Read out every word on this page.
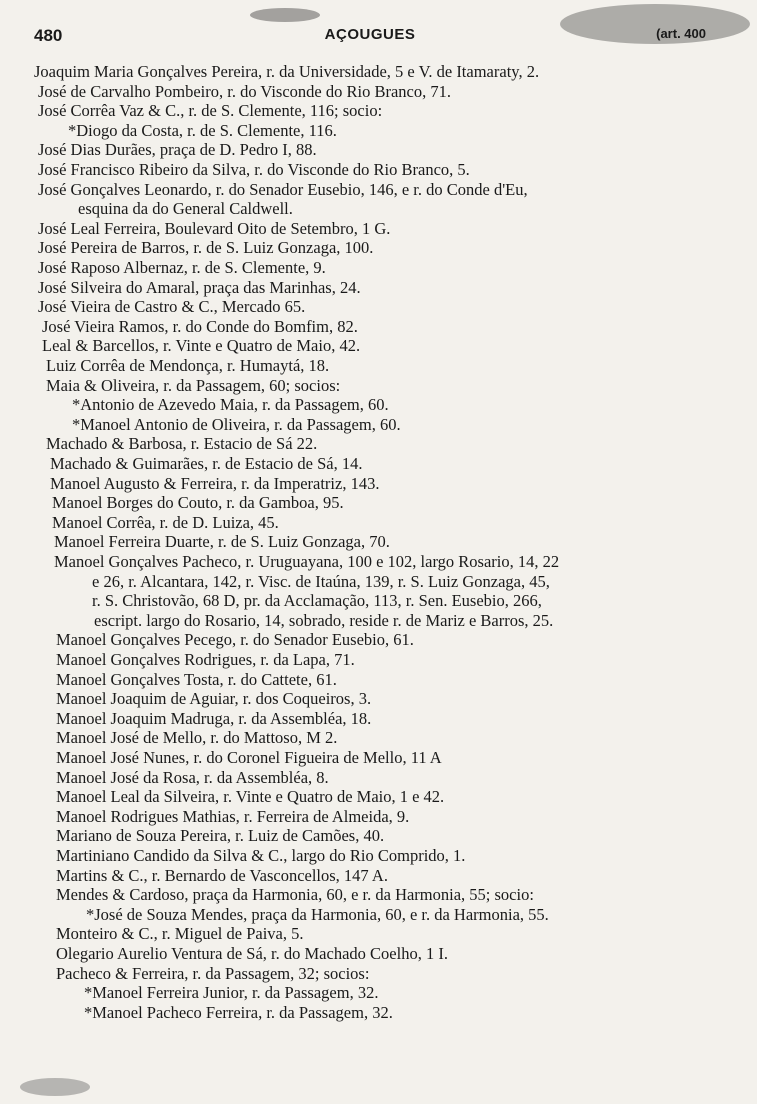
480	AÇOUGUES	(art. 400
Joaquim Maria Gonçalves Pereira, r. da Universidade, 5 e V. de Itamaraty, 2.
José de Carvalho Pombeiro, r. do Visconde do Rio Branco, 71.
José Corrêa Vaz & C., r. de S. Clemente, 116; socio:
*Diogo da Costa, r. de S. Clemente, 116.
José Dias Durães, praça de D. Pedro I, 88.
José Francisco Ribeiro da Silva, r. do Visconde do Rio Branco, 5.
José Gonçalves Leonardo, r. do Senador Eusebio, 146, e r. do Conde d'Eu,
esquina da do General Caldwell.
José Leal Ferreira, Boulevard Oito de Setembro, 1 G.
José Pereira de Barros, r. de S. Luiz Gonzaga, 100.
José Raposo Albernaz, r. de S. Clemente, 9.
José Silveira do Amaral, praça das Marinhas, 24.
José Vieira de Castro & C., Mercado 65.
José Vieira Ramos, r. do Conde do Bomfim, 82.
Leal & Barcellos, r. Vinte e Quatro de Maio, 42.
Luiz Corrêa de Mendonça, r. Humaytá, 18.
Maia & Oliveira, r. da Passagem, 60; socios:
*Antonio de Azevedo Maia, r. da Passagem, 60.
*Manoel Antonio de Oliveira, r. da Passagem, 60.
Machado & Barbosa, r. Estacio de Sá 22.
Machado & Guimarães, r. de Estacio de Sá, 14.
Manoel Augusto & Ferreira, r. da Imperatriz, 143.
Manoel Borges do Couto, r. da Gamboa, 95.
Manoel Corrêa, r. de D. Luiza, 45.
Manoel Ferreira Duarte, r. de S. Luiz Gonzaga, 70.
Manoel Gonçalves Pacheco, r. Uruguayana, 100 e 102, largo Rosario, 14, 22
e 26, r. Alcantara, 142, r. Visc. de Itaúna, 139, r. S. Luiz Gonzaga, 45,
r. S. Christovão, 68 D, pr. da Acclamação, 113, r. Sen. Eusebio, 266,
escript. largo do Rosario, 14, sobrado, reside r. de Mariz e Barros, 25.
Manoel Gonçalves Pecego, r. do Senador Eusebio, 61.
Manoel Gonçalves Rodrigues, r. da Lapa, 71.
Manoel Gonçalves Tosta, r. do Cattete, 61.
Manoel Joaquim de Aguiar, r. dos Coqueiros, 3.
Manoel Joaquim Madruga, r. da Assembléa, 18.
Manoel José de Mello, r. do Mattoso, M 2.
Manoel José Nunes, r. do Coronel Figueira de Mello, 11 A
Manoel José da Rosa, r. da Assembléa, 8.
Manoel Leal da Silveira, r. Vinte e Quatro de Maio, 1 e 42.
Manoel Rodrigues Mathias, r. Ferreira de Almeida, 9.
Mariano de Souza Pereira, r. Luiz de Camões, 40.
Martiniano Candido da Silva & C., largo do Rio Comprido, 1.
Martins & C., r. Bernardo de Vasconcellos, 147 A.
Mendes & Cardoso, praça da Harmonia, 60, e r. da Harmonia, 55; socio:
*José de Souza Mendes, praça da Harmonia, 60, e r. da Harmonia, 55.
Monteiro & C., r. Miguel de Paiva, 5.
Olegario Aurelio Ventura de Sá, r. do Machado Coelho, 1 I.
Pacheco & Ferreira, r. da Passagem, 32; socios:
*Manoel Ferreira Junior, r. da Passagem, 32.
*Manoel Pacheco Ferreira, r. da Passagem, 32.
